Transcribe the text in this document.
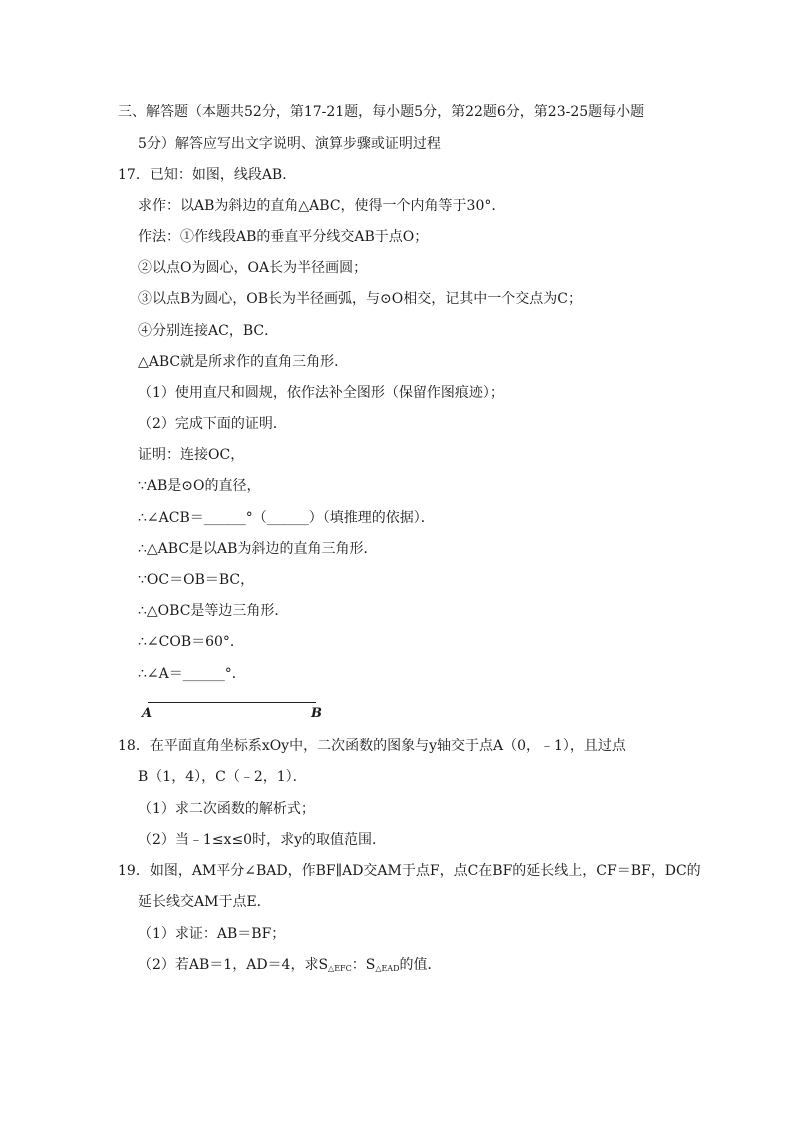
三、解答题（本题共52分，第17-21题，每小题5分，第22题6分，第23-25题每小题
5分）解答应写出文字说明、演算步骤或证明过程
17．已知：如图，线段AB．
求作：以AB为斜边的直角△ABC，使得一个内角等于30°．
作法：①作线段AB的垂直平分线交AB于点O；
②以点O为圆心，OA长为半径画圆；
③以点B为圆心，OB长为半径画弧，与⊙O相交，记其中一个交点为C；
④分别连接AC，BC．
△ABC就是所求作的直角三角形．
（1）使用直尺和圆规，依作法补全图形（保留作图痕迹）；
（2）完成下面的证明．
证明：连接OC，
∵AB是⊙O的直径，
∴∠ACB＝______°（______）（填推理的依据）．
∴△ABC是以AB为斜边的直角三角形．
∵OC＝OB＝BC，
∴△OBC是等边三角形．
∴∠COB＝60°．
∴∠A＝______°．
A	B
18．在平面直角坐标系xOy中，二次函数的图象与y轴交于点A（0，﹣1），且过点
B（1，4），C（﹣2，1）．
（1）求二次函数的解析式；
（2）当﹣1≤x≤0时，求y的取值范围．
19．如图，AM平分∠BAD，作BF∥AD交AM于点F，点C在BF的延长线上，CF＝BF，DC的
延长线交AM于点E．
（1）求证：AB＝BF；
（2）若AB＝1，AD＝4，求$S_{\triangle EFC}$：$S_{\triangle EAD}$的值．
